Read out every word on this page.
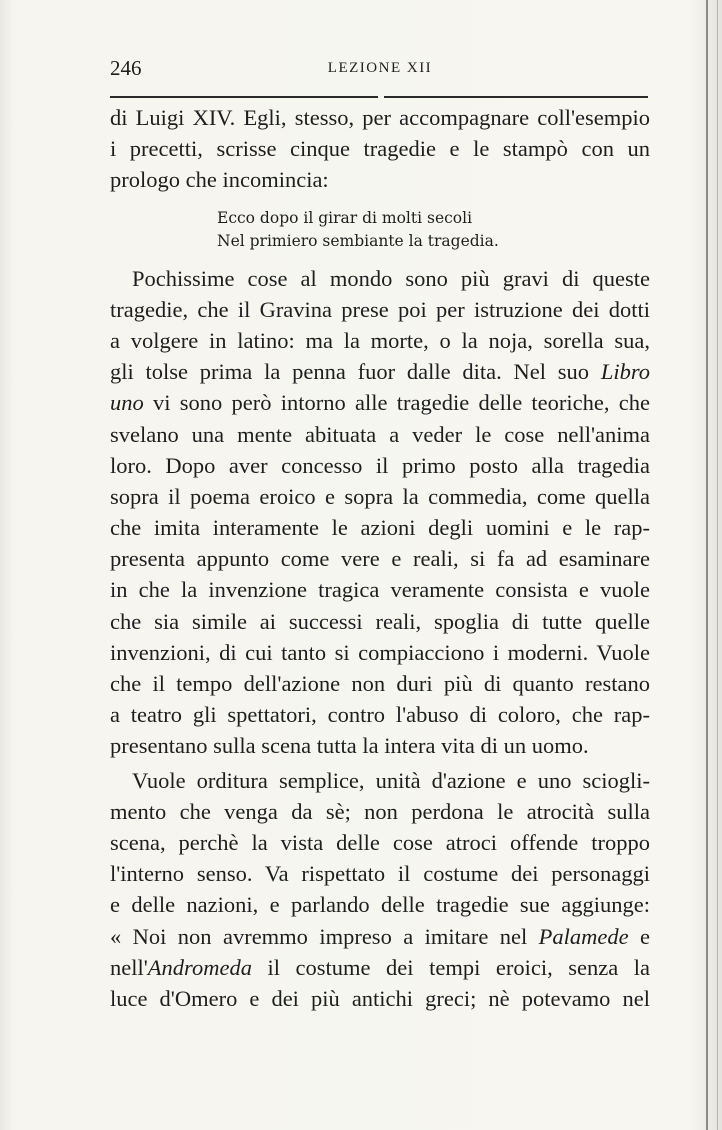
246	LEZIONE XII
di Luigi XIV. Egli, stesso, per accompagnare coll'esempio
i precetti, scrisse cinque tragedie e le stampò con un
prologo che incomincia:
Ecco dopo il girar di molti secoli
Nel primiero sembiante la tragedia.
Pochissime cose al mondo sono più gravi di queste
tragedie, che il Gravina prese poi per istruzione dei dotti
a volgere in latino: ma la morte, o la noja, sorella sua,
gli tolse prima la penna fuor dalle dita. Nel suo Libro
uno vi sono però intorno alle tragedie delle teoriche, che
svelano una mente abituata a veder le cose nell'anima
loro. Dopo aver concesso il primo posto alla tragedia
sopra il poema eroico e sopra la commedia, come quella
che imita interamente le azioni degli uomini e le rap-
presenta appunto come vere e reali, si fa ad esaminare
in che la invenzione tragica veramente consista e vuole
che sia simile ai successi reali, spoglia di tutte quelle
invenzioni, di cui tanto si compiacciono i moderni. Vuole
che il tempo dell'azione non duri più di quanto restano
a teatro gli spettatori, contro l'abuso di coloro, che rap-
presentano sulla scena tutta la intera vita di un uomo.
Vuole orditura semplice, unità d'azione e uno sciogli-
mento che venga da sè; non perdona le atrocità sulla
scena, perchè la vista delle cose atroci offende troppo
l'interno senso. Va rispettato il costume dei personaggi
e delle nazioni, e parlando delle tragedie sue aggiunge:
« Noi non avremmo impreso a imitare nel Palamede e
nell'Andromeda il costume dei tempi eroici, senza la
luce d'Omero e dei più antichi greci; nè potevamo nel
